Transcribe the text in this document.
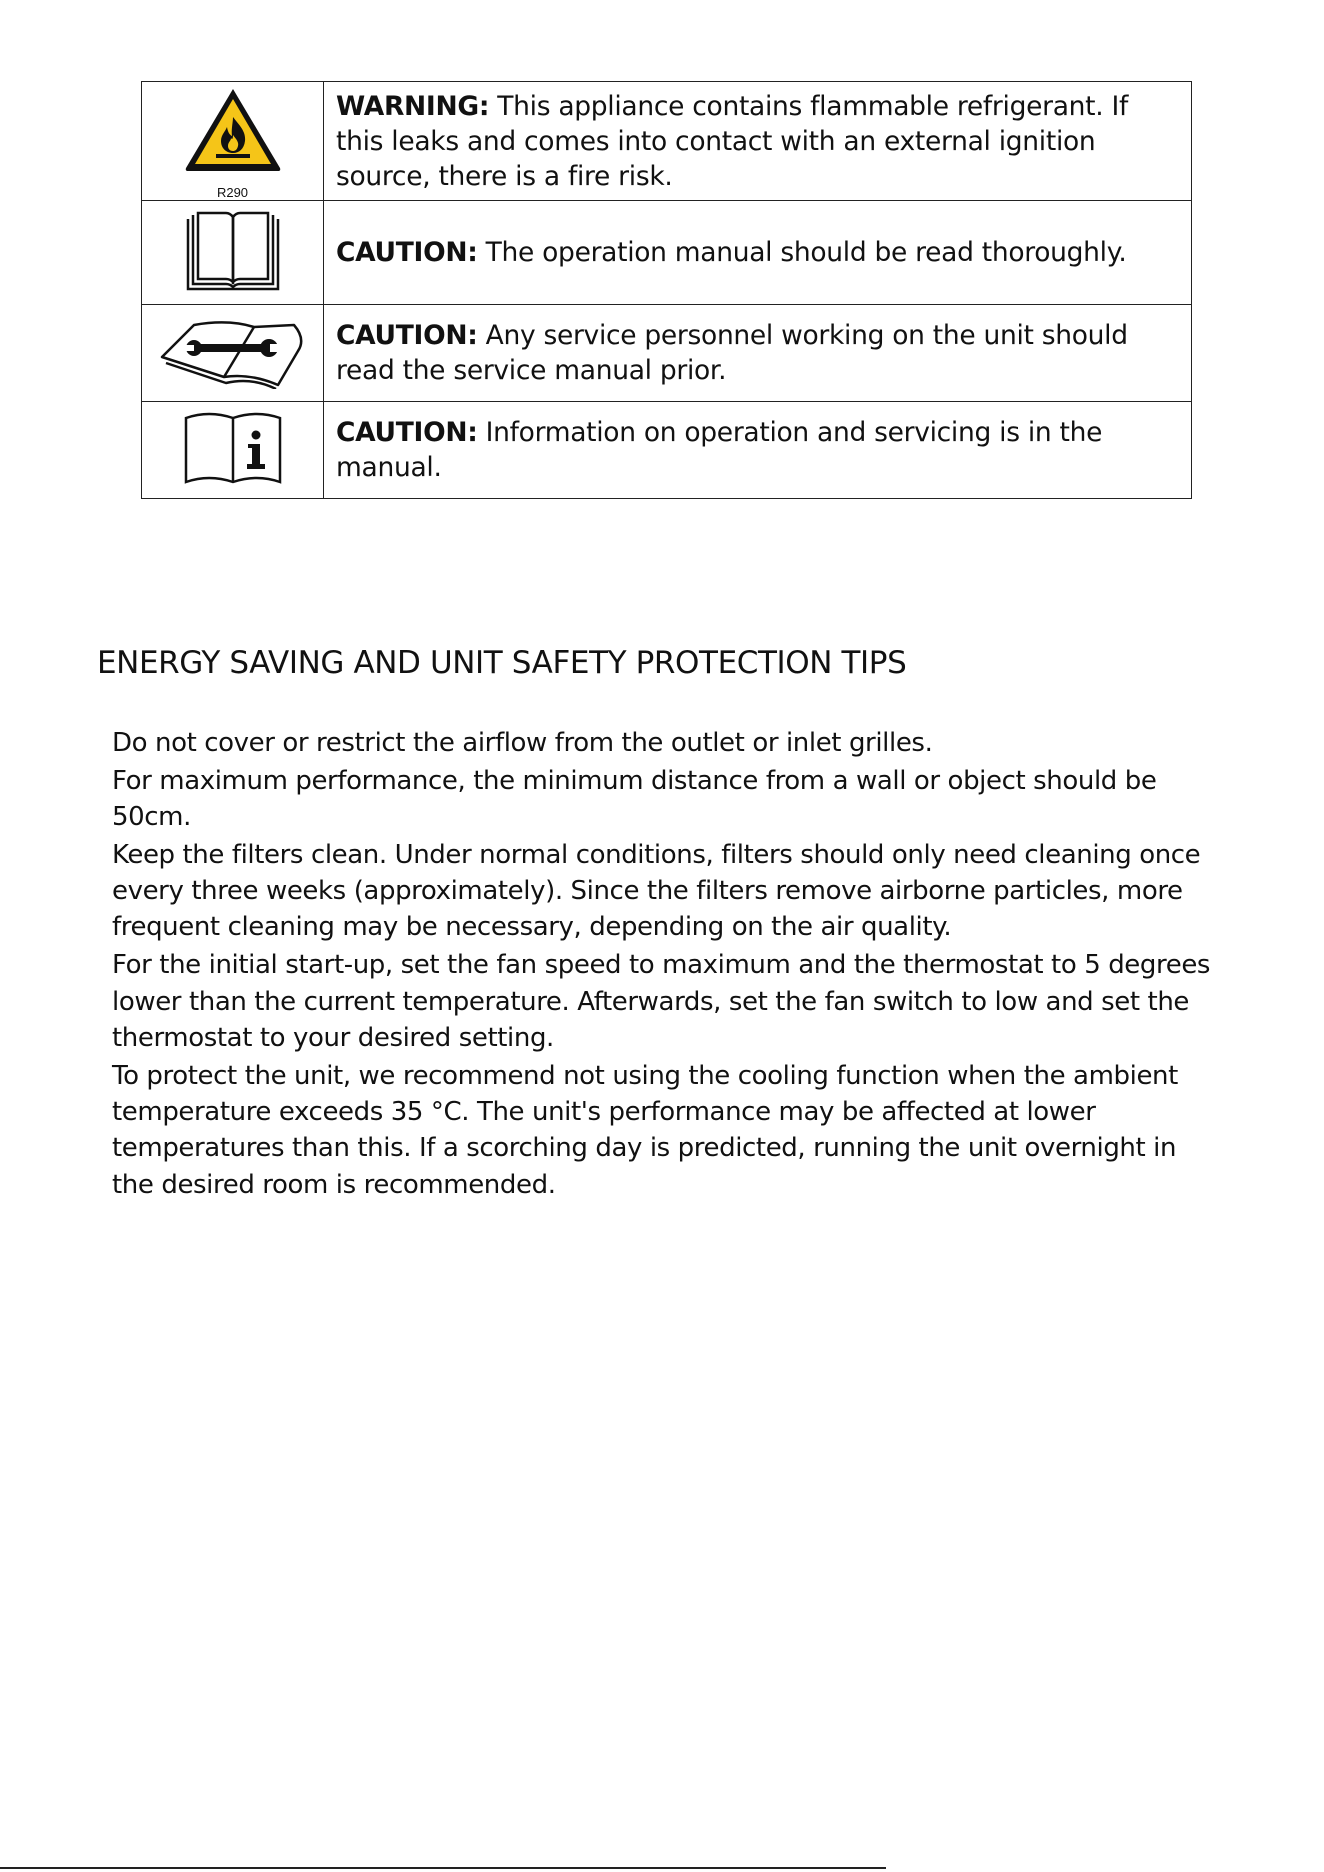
R290	WARNING: This appliance contains flammable refrigerant. If this leaks and comes into contact with an external ignition source, there is a fire risk.
	CAUTION: The operation manual should be read thoroughly.
	CAUTION: Any service personnel working on the unit should read the service manual prior.
	CAUTION: Information on operation and servicing is in the manual.
ENERGY SAVING AND UNIT SAFETY PROTECTION TIPS
Do not cover or restrict the airflow from the outlet or inlet grilles.
For maximum performance, the minimum distance from a wall or object should be 50cm.
Keep the filters clean. Under normal conditions, filters should only need cleaning once every three weeks (approximately). Since the filters remove airborne particles, more frequent cleaning may be necessary, depending on the air quality.
For the initial start-up, set the fan speed to maximum and the thermostat to 5 degrees lower than the current temperature. Afterwards, set the fan switch to low and set the thermostat to your desired setting.
To protect the unit, we recommend not using the cooling function when the ambient temperature exceeds 35 °C. The unit's performance may be affected at lower temperatures than this. If a scorching day is predicted, running the unit overnight in the desired room is recommended.
